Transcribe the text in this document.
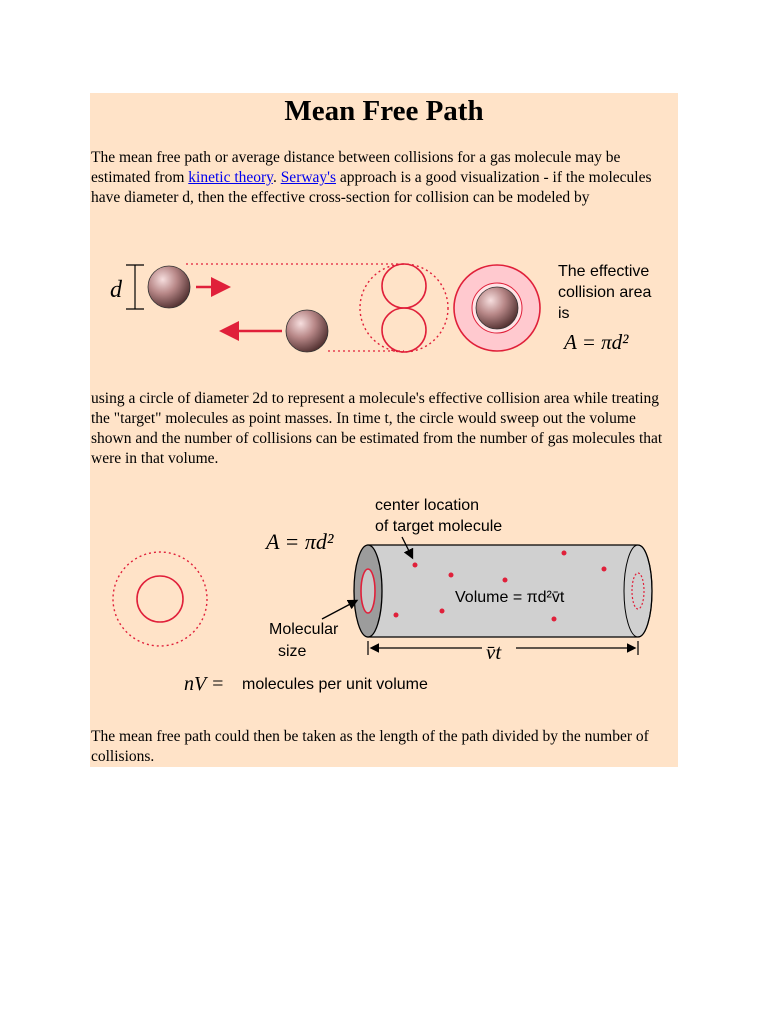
Mean Free Path

The mean free path or average distance between collisions for a gas molecule may be estimated from kinetic theory. Serway's approach is a good visualization - if the molecules have diameter d, then the effective cross-section for collision can be modeled by

d
The effective
collision area
is
A = πd²

using a circle of diameter 2d to represent a molecule's effective collision area while treating the "target" molecules as point masses. In time t, the circle would sweep out the volume shown and the number of collisions can be estimated from the number of gas molecules that were in that volume.

A = πd²
Volume = πd²v̄t
center location
of target molecule
Molecular
size	v̄t
nV = molecules per unit volume

The mean free path could then be taken as the length of the path divided by the number of collisions.
